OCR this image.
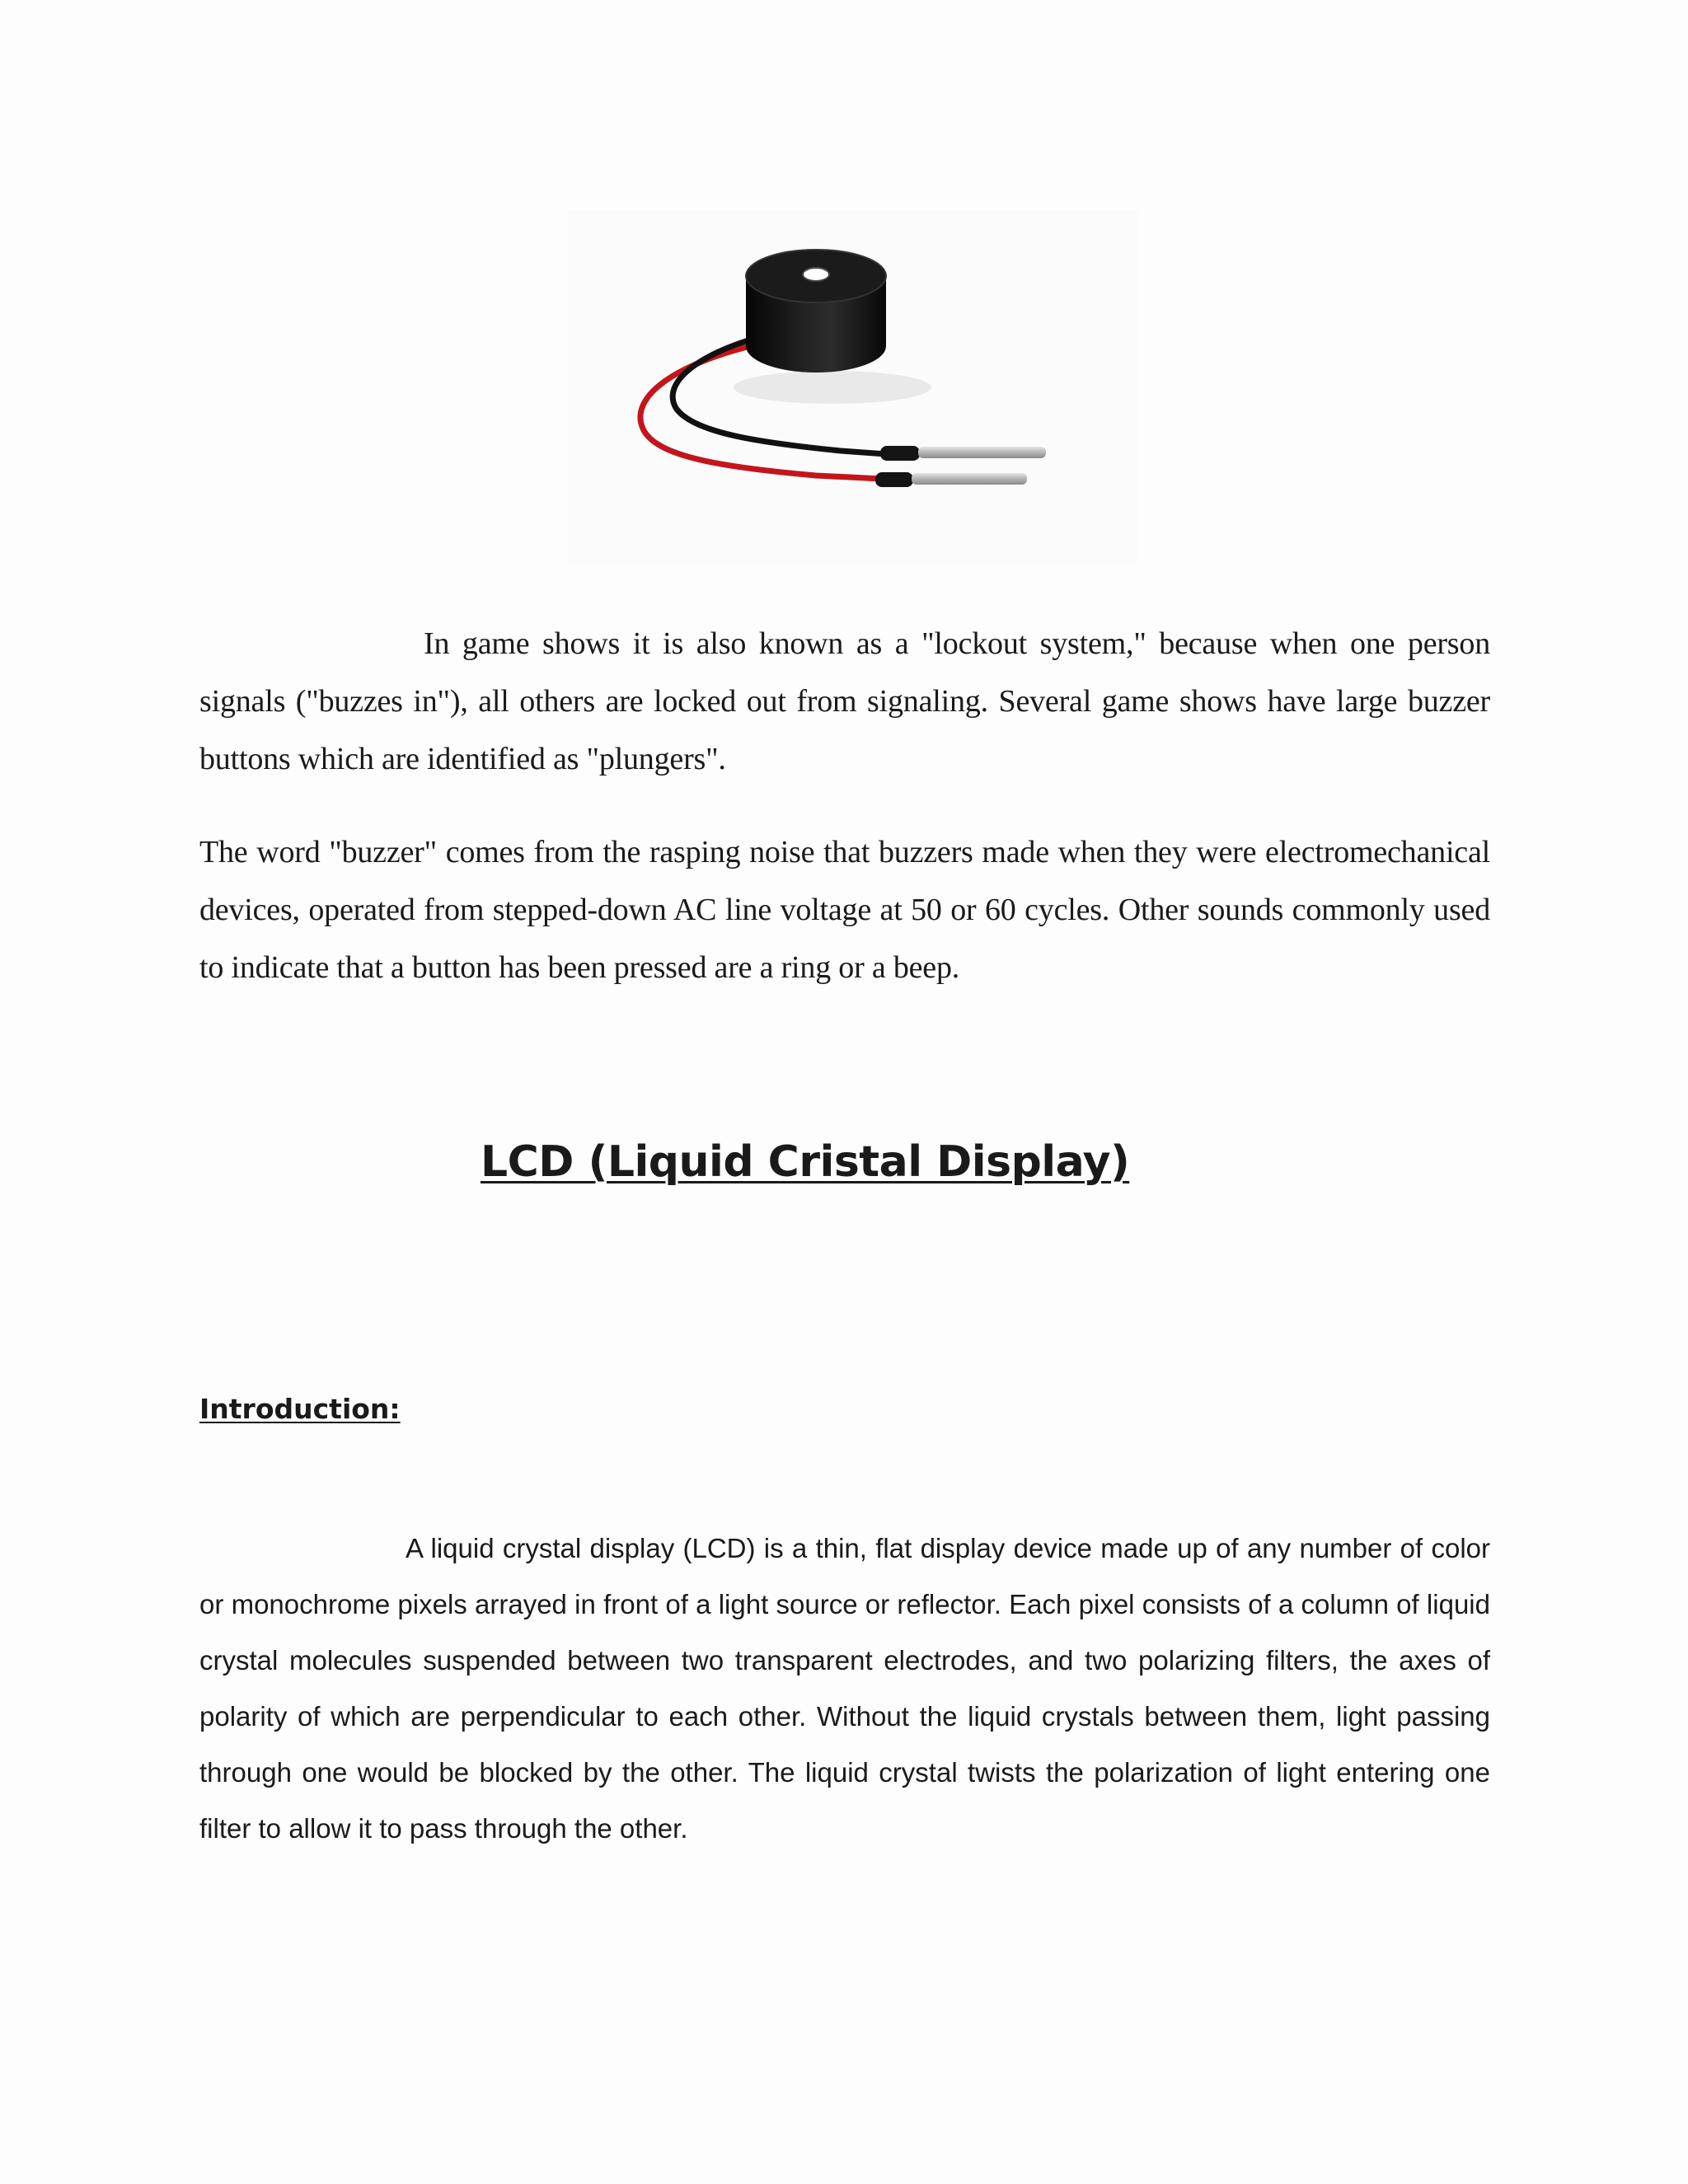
In game shows it is also known as a "lockout system," because when one person signals ("buzzes in"), all others are locked out from signaling. Several game shows have large buzzer buttons which are identified as "plungers".

The word "buzzer" comes from the rasping noise that buzzers made when they were electromechanical devices, operated from stepped-down AC line voltage at 50 or 60 cycles. Other sounds commonly used to indicate that a button has been pressed are a ring or a beep.

LCD (Liquid Cristal Display)
Introduction:

A liquid crystal display (LCD) is a thin, flat display device made up of any number of color or monochrome pixels arrayed in front of a light source or reflector. Each pixel consists of a column of liquid crystal molecules suspended between two transparent electrodes, and two polarizing filters, the axes of polarity of which are perpendicular to each other. Without the liquid crystals between them, light passing through one would be blocked by the other. The liquid crystal twists the polarization of light entering one filter to allow it to pass through the other.
